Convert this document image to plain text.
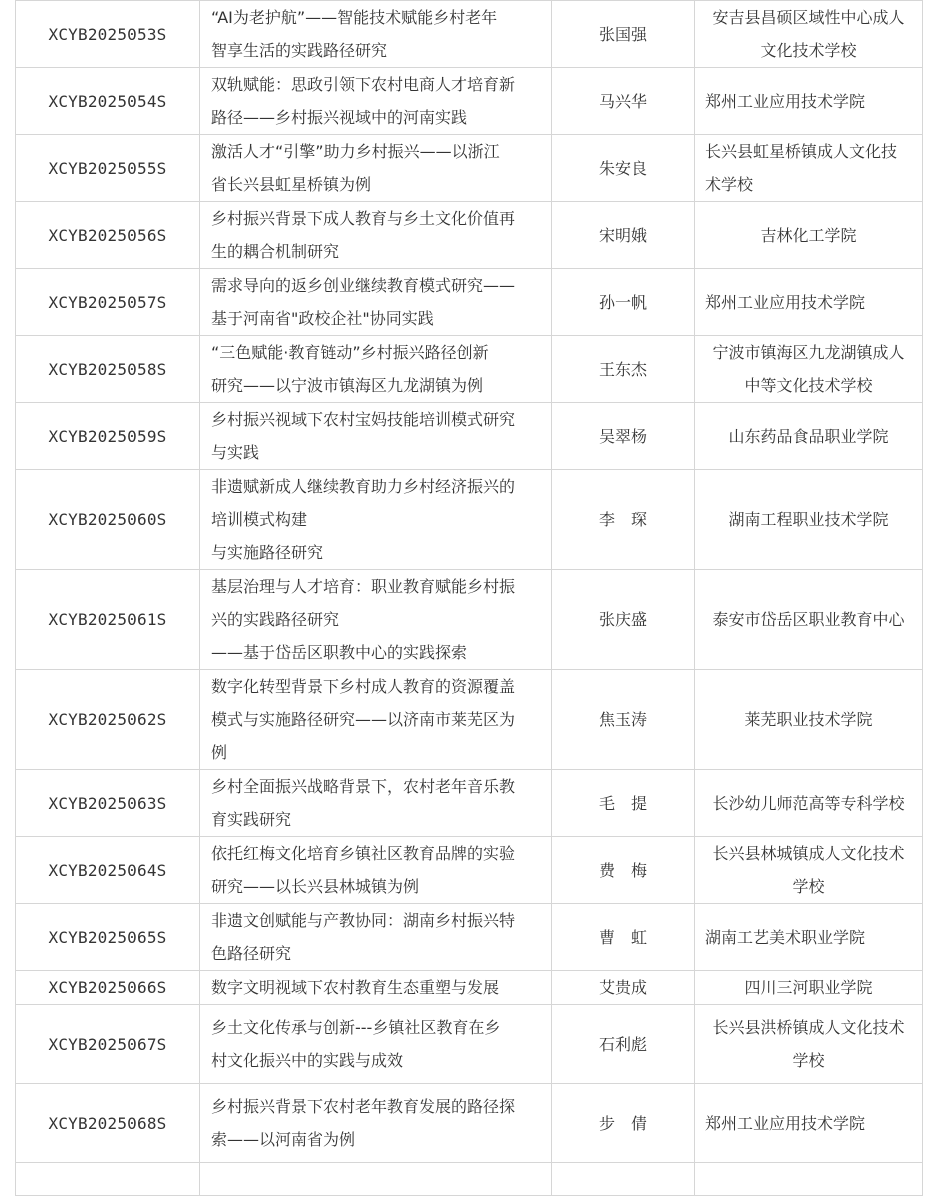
XCYB2025053S	“AI为老护航”——智能技术赋能乡村老年
智享生活的实践路径研究	张国强	安吉县昌硕区域性中心成人
文化技术学校

XCYB2025054S	双轨赋能：思政引领下农村电商人才培育新
路径——乡村振兴视域中的河南实践	马兴华	郑州工业应用技术学院

XCYB2025055S	激活人才“引擎”助力乡村振兴——以浙江
省长兴县虹星桥镇为例	朱安良	长兴县虹星桥镇成人文化技
术学校

XCYB2025056S	乡村振兴背景下成人教育与乡土文化价值再
生的耦合机制研究	宋明娥	吉林化工学院

XCYB2025057S	需求导向的返乡创业继续教育模式研究——
基于河南省"政校企社"协同实践	孙一帆	郑州工业应用技术学院

XCYB2025058S	“三色赋能·教育链动”乡村振兴路径创新
研究——以宁波市镇海区九龙湖镇为例	王东杰	宁波市镇海区九龙湖镇成人
中等文化技术学校

XCYB2025059S	乡村振兴视域下农村宝妈技能培训模式研究
与实践	吴翠杨	山东药品食品职业学院

XCYB2025060S	非遗赋新成人继续教育助力乡村经济振兴的
培训模式构建
与实施路径研究	李琛	湖南工程职业技术学院

XCYB2025061S	基层治理与人才培育：职业教育赋能乡村振
兴的实践路径研究
——基于岱岳区职教中心的实践探索	张庆盛	泰安市岱岳区职业教育中心

XCYB2025062S	数字化转型背景下乡村成人教育的资源覆盖
模式与实施路径研究——以济南市莱芜区为
例	焦玉涛	莱芜职业技术学院

XCYB2025063S	乡村全面振兴战略背景下，农村老年音乐教
育实践研究	毛提	长沙幼儿师范高等专科学校

XCYB2025064S	依托红梅文化培育乡镇社区教育品牌的实验
研究——以长兴县林城镇为例	费梅	长兴县林城镇成人文化技术
学校

XCYB2025065S	非遗文创赋能与产教协同：湖南乡村振兴特
色路径研究	曹虹	湖南工艺美术职业学院

XCYB2025066S	数字文明视域下农村教育生态重塑与发展	艾贵成	四川三河职业学院

XCYB2025067S	乡土文化传承与创新---乡镇社区教育在乡
村文化振兴中的实践与成效	石利彪	长兴县洪桥镇成人文化技术
学校

XCYB2025068S	乡村振兴背景下农村老年教育发展的路径探
索——以河南省为例	步倩	郑州工业应用技术学院
